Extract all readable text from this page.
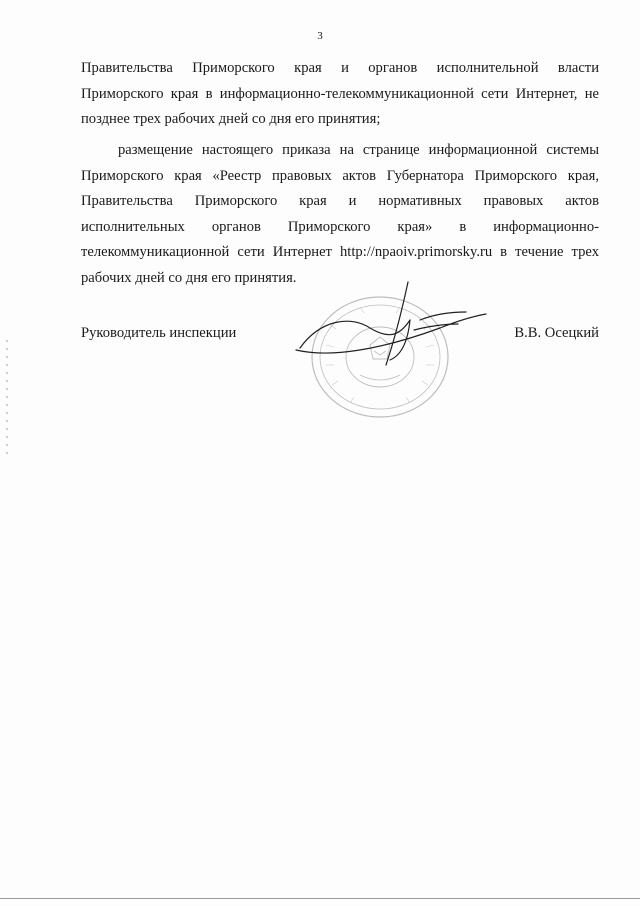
3
Правительства Приморского края и органов исполнительной власти
Приморского края в информационно-телекоммуникационной сети Интернет, не
позднее трех рабочих дней со дня его принятия;
размещение настоящего приказа на странице информационной системы
Приморского края «Реестр правовых актов Губернатора Приморского края,
Правительства Приморского края и нормативных правовых актов
исполнительных органов Приморского края» в информационно-
телекоммуникационной сети Интернет http://npaoiv.primorsky.ru в течение трех
рабочих дней со дня его принятия.
Руководитель инспекции	В.В. Осецкий
